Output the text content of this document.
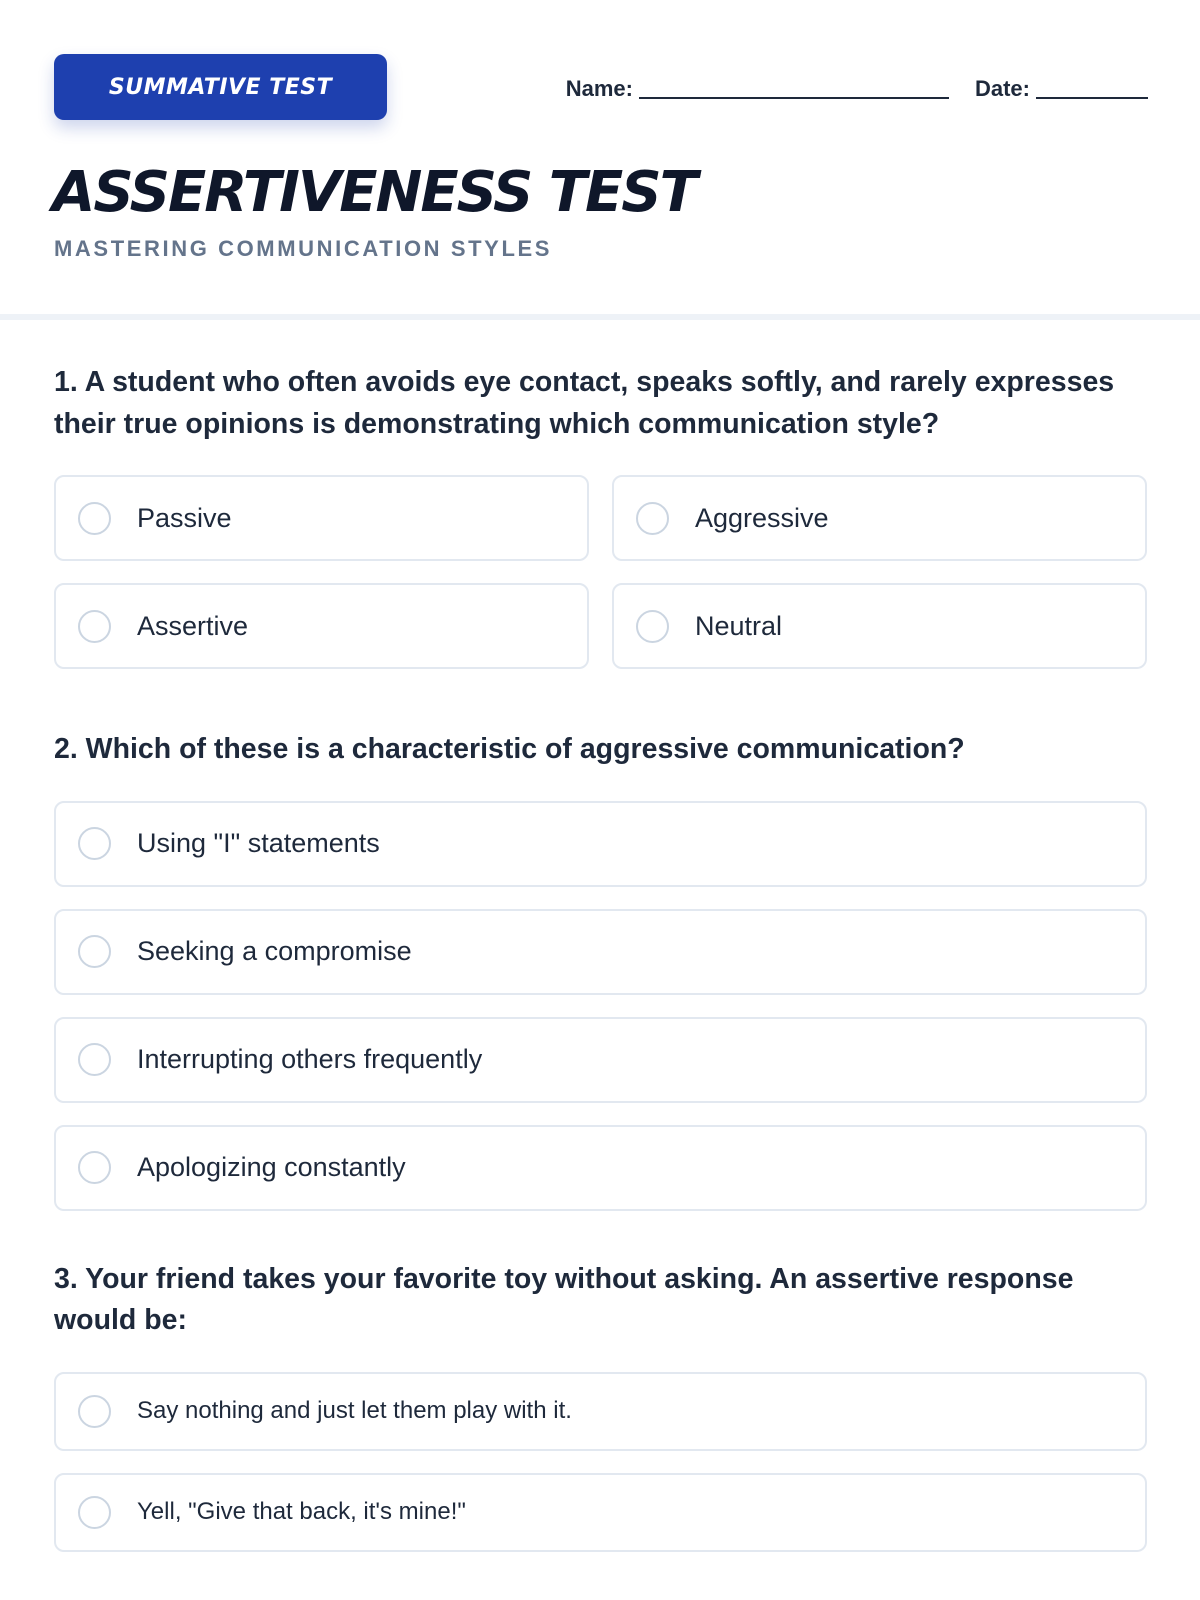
SUMMATIVE TEST	Name:	Date:
ASSERTIVENESS TEST
MASTERING COMMUNICATION STYLES
1. A student who often avoids eye contact, speaks softly, and rarely expresses their true opinions is demonstrating which communication style?
Passive	Aggressive
Assertive	Neutral
2. Which of these is a characteristic of aggressive communication?
Using "I" statements
Seeking a compromise
Interrupting others frequently
Apologizing constantly
3. Your friend takes your favorite toy without asking. An assertive response would be:
Say nothing and just let them play with it.
Yell, "Give that back, it's mine!"
